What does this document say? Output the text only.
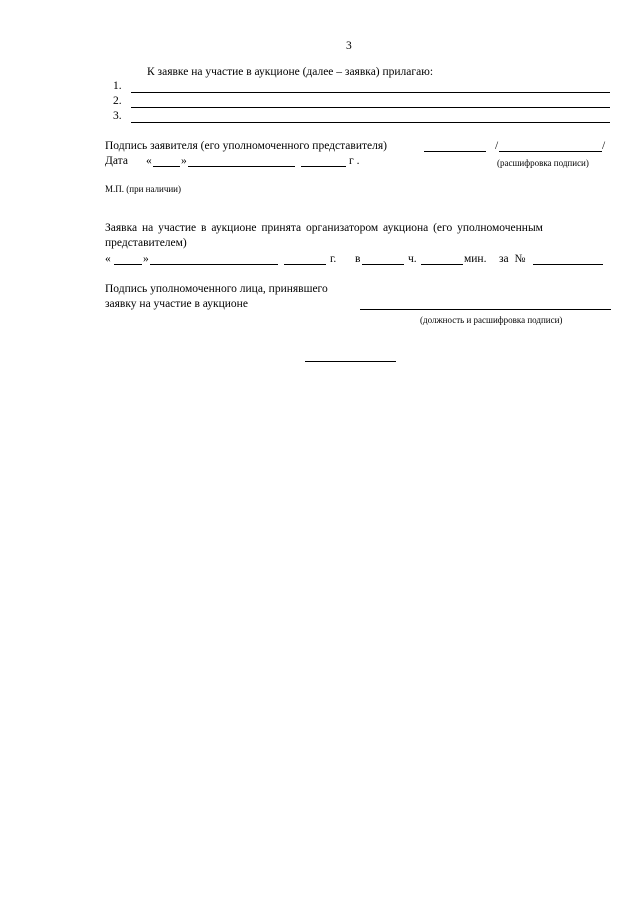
3
К заявке на участие в аукционе (далее – заявка) прилагаю:
1.
2.
3.
Подпись заявителя (его уполномоченного представителя)	/	/
Дата «	»	г .	(расшифровка подписи)
М.П. (при наличии)
Заявка на участие в аукционе принята организатором аукциона (его уполномоченным
представителем)
«	»	г. в	ч.	мин. за №
Подпись уполномоченного лица, принявшего
заявку на участие в аукционе
(должность и расшифровка подписи)
